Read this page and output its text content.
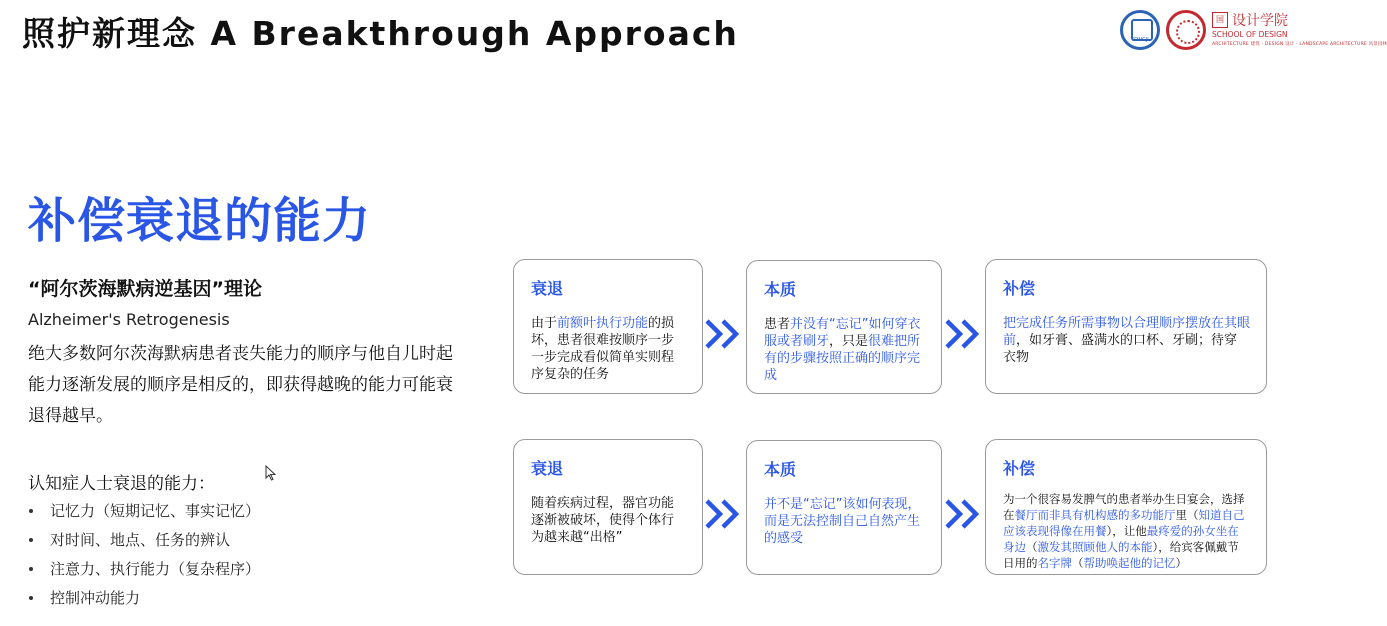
照护新理念 A Breakthrough Approach	TONGJI
国 设计学院
SCHOOL OF DESIGN
ARCHITECTURE 建筑 · DESIGN 设计 · LANDSCAPE ARCHITECTURE 风景园林
补偿衰退的能力
“阿尔茨海默病逆基因”理论
Alzheimer's Retrogenesis
绝大多数阿尔茨海默病患者丧失能力的顺序与他自儿时起能力逐渐发展的顺序是相反的，即获得越晚的能力可能衰退得越早。
认知症人士衰退的能力：
记忆力（短期记忆、事实记忆）
对时间、地点、任务的辨认
注意力、执行能力（复杂程序）
控制冲动能力
衰退
由于前额叶执行功能的损坏，患者很难按顺序一步一步完成看似简单实则程序复杂的任务
本质
患者并没有“忘记”如何穿衣服或者刷牙，只是很难把所有的步骤按照正确的顺序完成
补偿
把完成任务所需事物以合理顺序摆放在其眼前，如牙膏、盛满水的口杯、牙刷；待穿衣物
衰退
随着疾病过程，器官功能逐渐被破坏，使得个体行为越来越“出格”
本质
并不是“忘记”该如何表现，而是无法控制自己自然产生的感受
补偿
为一个很容易发脾气的患者举办生日宴会，选择在餐厅而非具有机构感的多功能厅里（知道自己应该表现得像在用餐），让他最疼爱的孙女坐在身边（激发其照顾他人的本能），给宾客佩戴节日用的名字牌（帮助唤起他的记忆）
